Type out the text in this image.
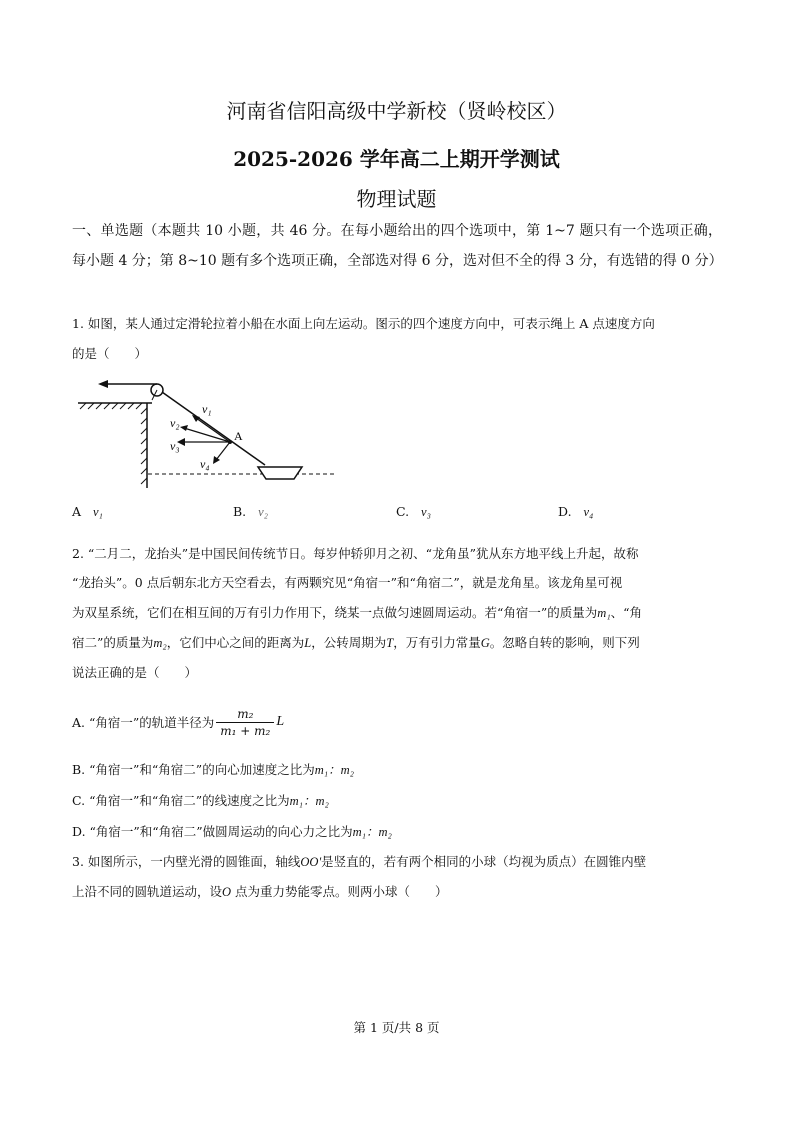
河南省信阳高级中学新校（贤岭校区）
2025-2026 学年高二上期开学测试
物理试题
一、单选题（本题共 10 小题，共 46 分。在每小题给出的四个选项中，第 1~7 题只有一个选项正确，每小题 4 分；第 8~10 题有多个选项正确，全部选对得 6 分，选对但不全的得 3 分，有选错的得 0 分）
1. 如图，某人通过定滑轮拉着小船在水面上向左运动。图示的四个速度方向中，可表示绳上 A 点速度方向
的是（　　）
v₁
v₂
v₃
v₄
A
A v₁	B. v₂	C. v₃	D. v₄
2. “二月二，龙抬头”是中国民间传统节日。每岁仲轿卯月之初、“龙角虽”犹从东方地平线上升起，故称
“龙抬头”。0 点后朝东北方天空看去，有两颗究见“角宿一”和“角宿二”，就是龙角星。该龙角星可视
为双星系统，它们在相互间的万有引力作用下，绕某一点做匀速圆周运动。若“角宿一”的质量为m₁、“角
宿二”的质量为m₂，它们中心之间的距离为L，公转周期为T，万有引力常量G。忽略自转的影响，则下列
说法正确的是（　　）
A. “角宿一”的轨道半径为 $\frac{\text{m₂}}{\text{m₁ + m₂}}$ L
B. “角宿一”和“角宿二”的向心加速度之比为m₁：m₂
C. “角宿一”和“角宿二”的线速度之比为m₁：m₂
D. “角宿一”和“角宿二”做圆周运动的向心力之比为m₁：m₂
3. 如图所示，一内壁光滑的圆锥面，轴线OO'是竖直的，若有两个相同的小球（均视为质点）在圆锥内壁
上沿不同的圆轨道运动，设O 点为重力势能零点。则两小球（　　）
第 1 页/共 8 页
